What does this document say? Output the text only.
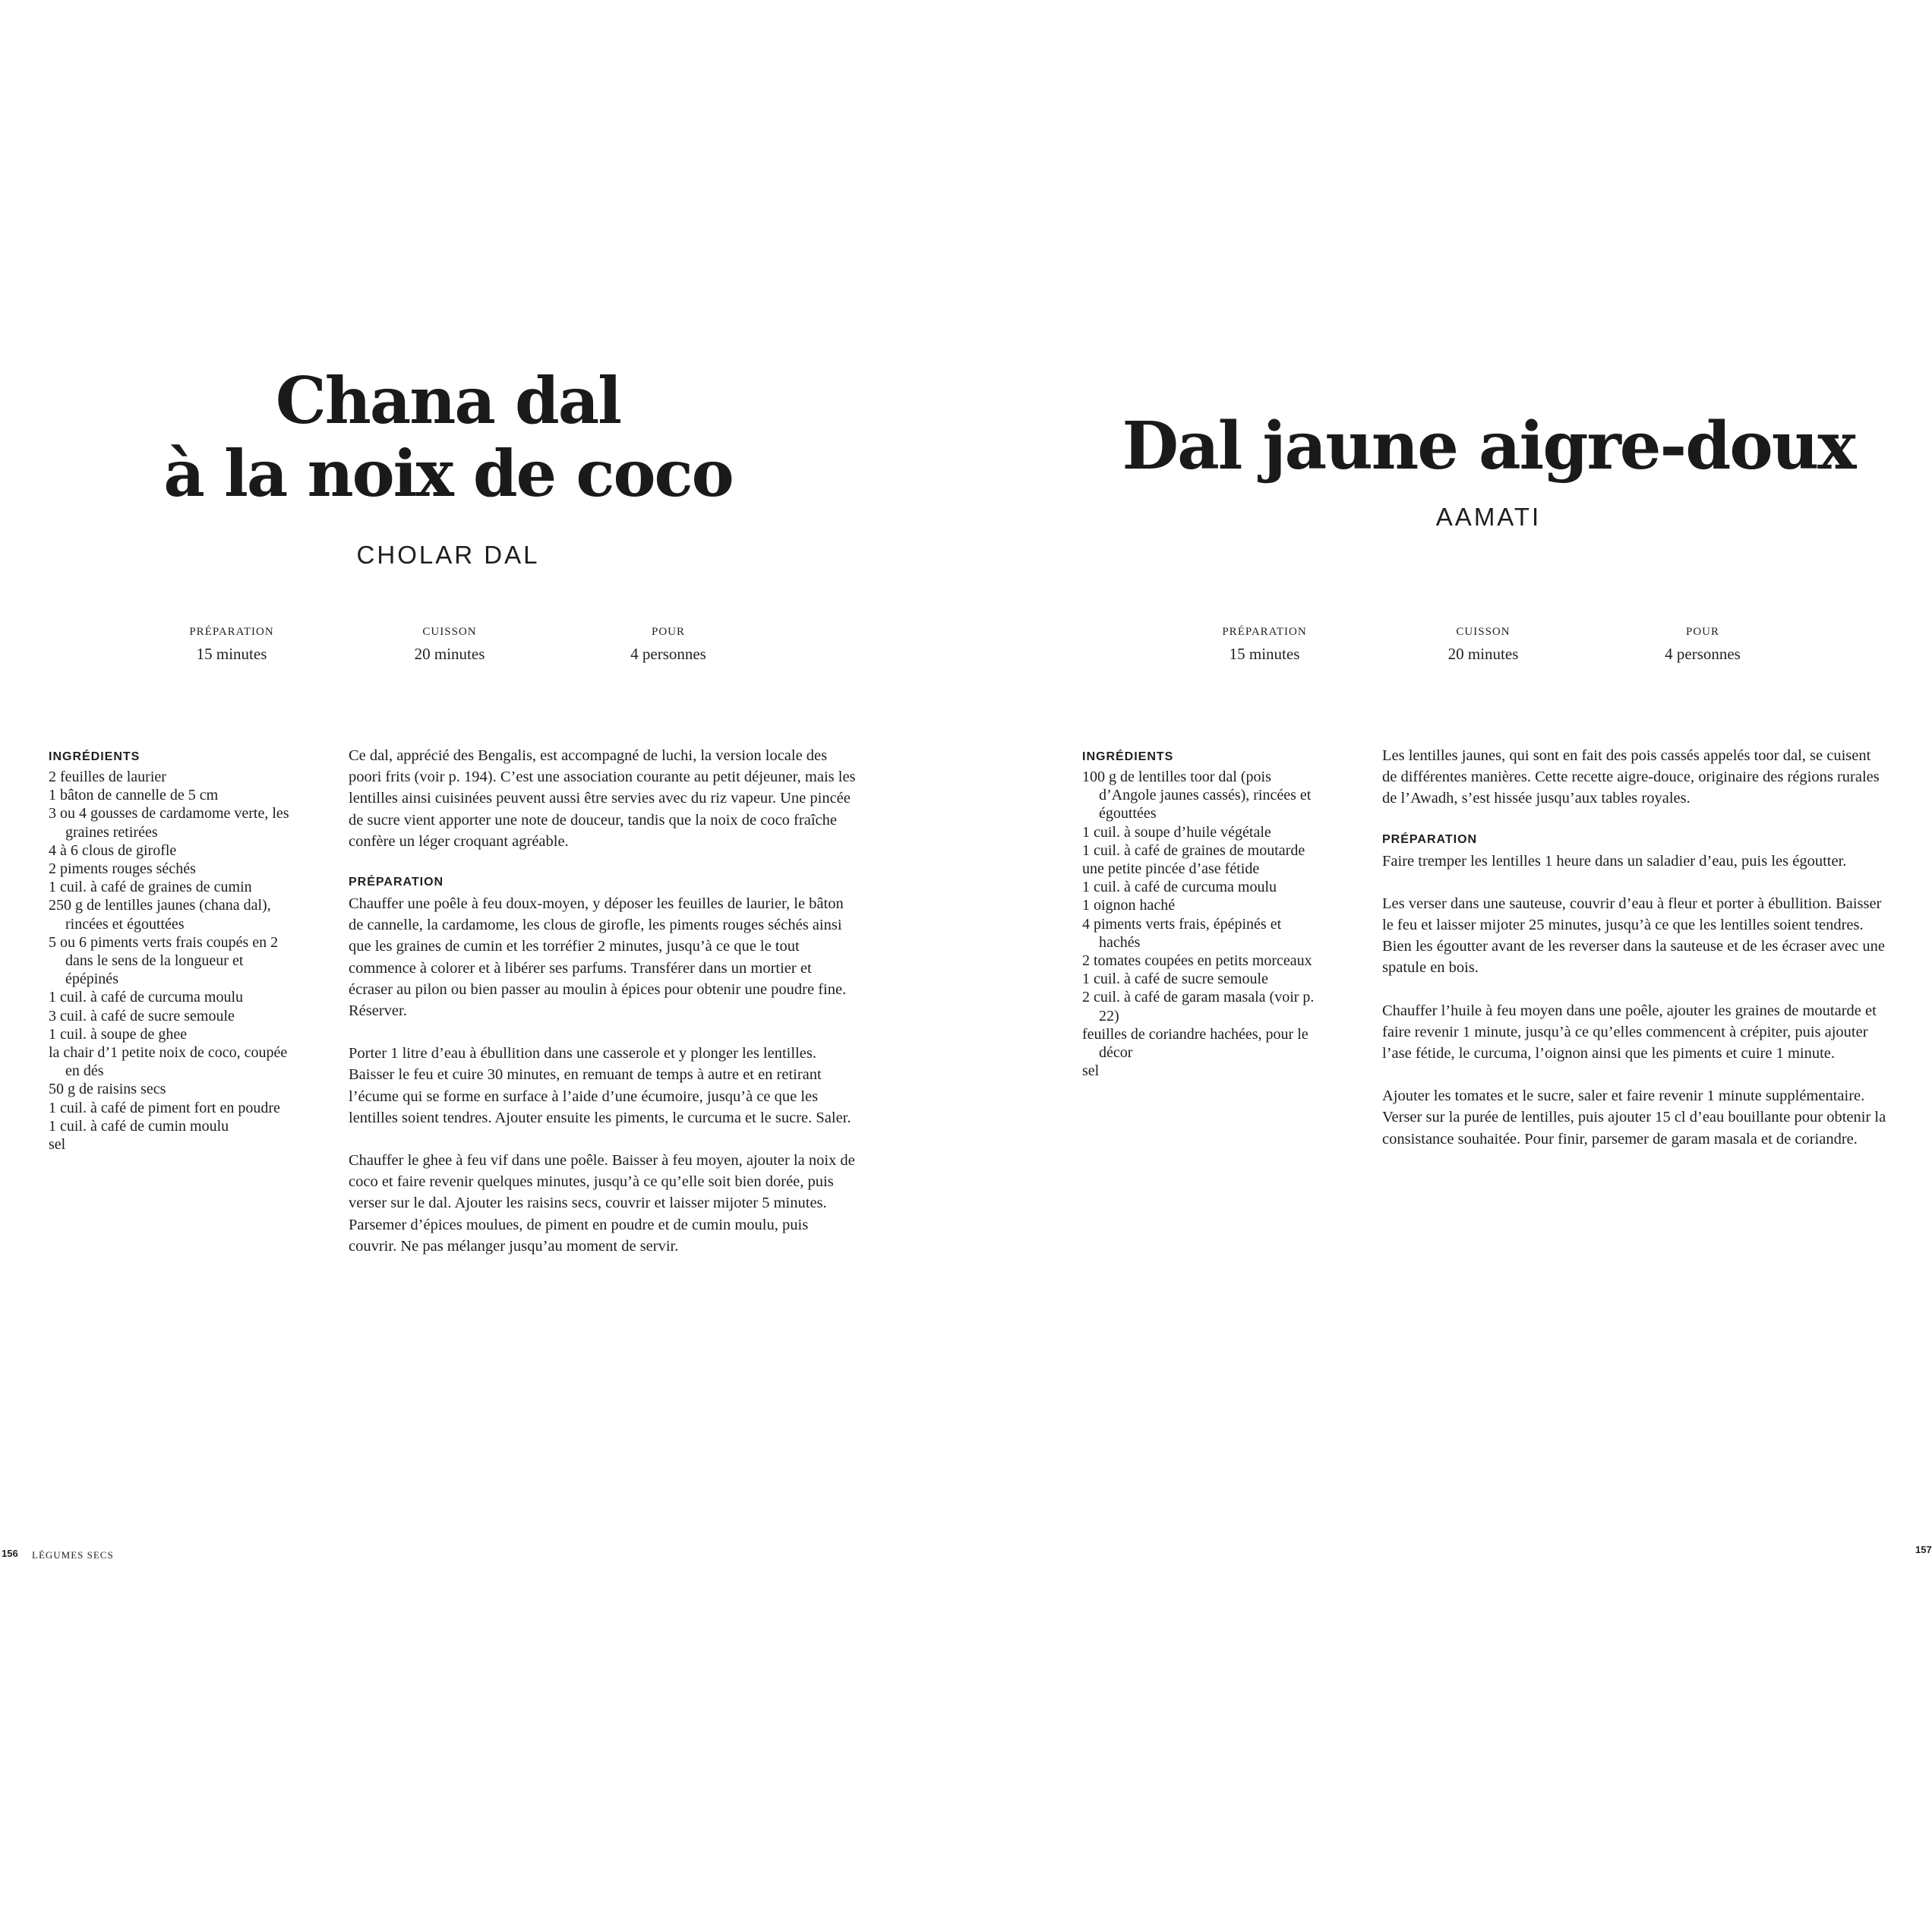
Chana dal
à la noix de coco
CHOLAR DAL
PRÉPARATION
15 minutes
CUISSON
20 minutes
POUR
4 personnes
INGRÉDIENTS
2 feuilles de laurier
1 bâton de cannelle de 5 cm
3 ou 4 gousses de cardamome verte, les graines retirées
4 à 6 clous de girofle
2 piments rouges séchés
1 cuil. à café de graines de cumin
250 g de lentilles jaunes (chana dal), rincées et égouttées
5 ou 6 piments verts frais coupés en 2 dans le sens de la longueur et épépinés
1 cuil. à café de curcuma moulu
3 cuil. à café de sucre semoule
1 cuil. à soupe de ghee
la chair d’1 petite noix de coco, coupée en dés
50 g de raisins secs
1 cuil. à café de piment fort en poudre
1 cuil. à café de cumin moulu
sel

Ce dal, apprécié des Bengalis, est accompagné de luchi, la version locale des poori frits (voir p. 194). C’est une association courante au petit déjeuner, mais les lentilles ainsi cuisinées peuvent aussi être servies avec du riz vapeur. Une pincée de sucre vient apporter une note de douceur, tandis que la noix de coco fraîche confère un léger croquant agréable.

PRÉPARATION

Chauffer une poêle à feu doux-moyen, y déposer les feuilles de laurier, le bâton de cannelle, la cardamome, les clous de girofle, les piments rouges séchés ainsi que les graines de cumin et les torréfier 2 minutes, jusqu’à ce que le tout commence à colorer et à libérer ses parfums. Transférer dans un mortier et écraser au pilon ou bien passer au moulin à épices pour obtenir une poudre fine. Réserver.

Porter 1 litre d’eau à ébullition dans une casserole et y plonger les lentilles. Baisser le feu et cuire 30 minutes, en remuant de temps à autre et en retirant l’écume qui se forme en surface à l’aide d’une écumoire, jusqu’à ce que les lentilles soient tendres. Ajouter ensuite les piments, le curcuma et le sucre. Saler.

Chauffer le ghee à feu vif dans une poêle. Baisser à feu moyen, ajouter la noix de coco et faire revenir quelques minutes, jusqu’à ce qu’elle soit bien dorée, puis verser sur le dal. Ajouter les raisins secs, couvrir et laisser mijoter 5 minutes. Parsemer d’épices moulues, de piment en poudre et de cumin moulu, puis couvrir. Ne pas mélanger jusqu’au moment de servir.

156 LÉGUMES SECS
Dal jaune aigre-doux
AAMATI
PRÉPARATION
15 minutes
CUISSON
20 minutes
POUR
4 personnes
INGRÉDIENTS
100 g de lentilles toor dal (pois d’Angole jaunes cassés), rincées et égouttées
1 cuil. à soupe d’huile végétale
1 cuil. à café de graines de moutarde
une petite pincée d’ase fétide
1 cuil. à café de curcuma moulu
1 oignon haché
4 piments verts frais, épépinés et hachés
2 tomates coupées en petits morceaux
1 cuil. à café de sucre semoule
2 cuil. à café de garam masala (voir p. 22)
feuilles de coriandre hachées, pour le décor
sel

Les lentilles jaunes, qui sont en fait des pois cassés appelés toor dal, se cuisent de différentes manières. Cette recette aigre-douce, originaire des régions rurales de l’Awadh, s’est hissée jusqu’aux tables royales.

PRÉPARATION

Faire tremper les lentilles 1 heure dans un saladier d’eau, puis les égoutter.

Les verser dans une sauteuse, couvrir d’eau à fleur et porter à ébullition. Baisser le feu et laisser mijoter 25 minutes, jusqu’à ce que les lentilles soient tendres. Bien les égoutter avant de les reverser dans la sauteuse et de les écraser avec une spatule en bois.

Chauffer l’huile à feu moyen dans une poêle, ajouter les graines de moutarde et faire revenir 1 minute, jusqu’à ce qu’elles commencent à crépiter, puis ajouter l’ase fétide, le curcuma, l’oignon ainsi que les piments et cuire 1 minute.

Ajouter les tomates et le sucre, saler et faire revenir 1 minute supplémentaire. Verser sur la purée de lentilles, puis ajouter 15 cl d’eau bouillante pour obtenir la consistance souhaitée. Pour finir, parsemer de garam masala et de coriandre.

157
